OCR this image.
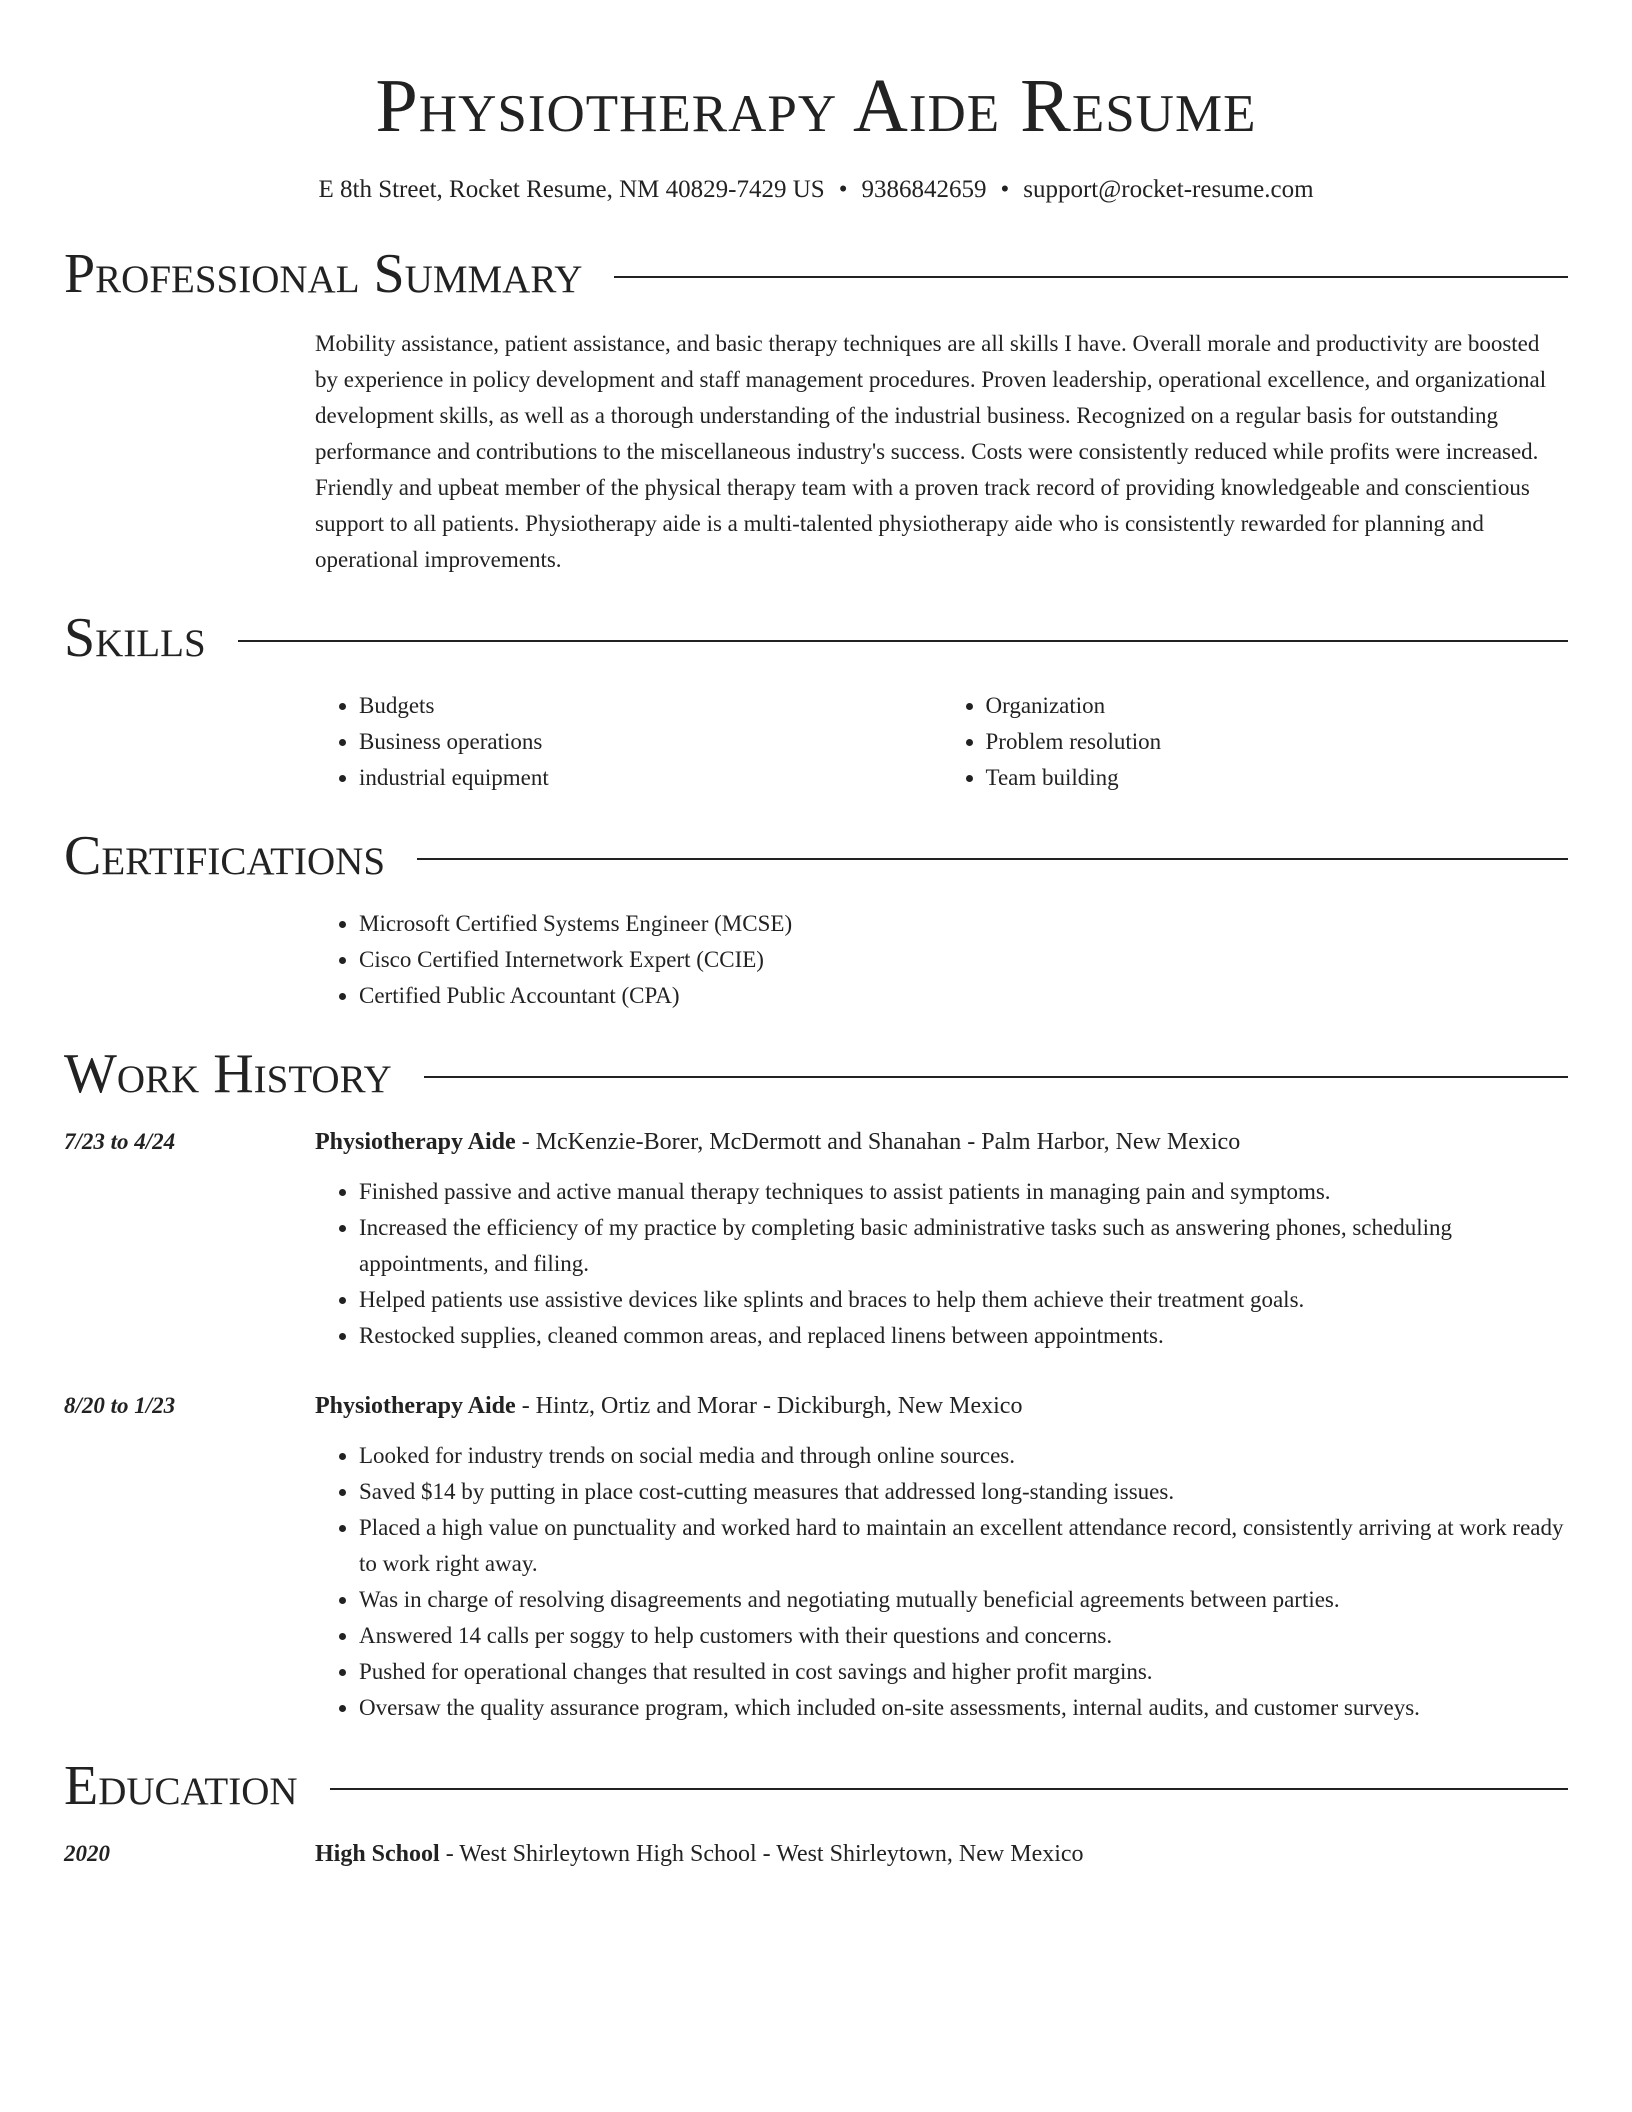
Physiotherapy Aide Resume
E 8th Street, Rocket Resume, NM 40829-7429 US • 9386842659 • support@rocket-resume.com
Professional Summary
Mobility assistance, patient assistance, and basic therapy techniques are all skills I have. Overall morale and productivity are boosted by experience in policy development and staff management procedures. Proven leadership, operational excellence, and organizational development skills, as well as a thorough understanding of the industrial business. Recognized on a regular basis for outstanding performance and contributions to the miscellaneous industry's success. Costs were consistently reduced while profits were increased. Friendly and upbeat member of the physical therapy team with a proven track record of providing knowledgeable and conscientious support to all patients. Physiotherapy aide is a multi-talented physiotherapy aide who is consistently rewarded for planning and operational improvements.
Skills
• Budgets
• Business operations
• industrial equipment
• Organization
• Problem resolution
• Team building
Certifications
• Microsoft Certified Systems Engineer (MCSE)
• Cisco Certified Internetwork Expert (CCIE)
• Certified Public Accountant (CPA)
Work History
7/23 to 4/24	Physiotherapy Aide - McKenzie-Borer, McDermott and Shanahan - Palm Harbor, New Mexico
• Finished passive and active manual therapy techniques to assist patients in managing pain and symptoms.
• Increased the efficiency of my practice by completing basic administrative tasks such as answering phones, scheduling appointments, and filing.
• Helped patients use assistive devices like splints and braces to help them achieve their treatment goals.
• Restocked supplies, cleaned common areas, and replaced linens between appointments.
8/20 to 1/23	Physiotherapy Aide - Hintz, Ortiz and Morar - Dickiburgh, New Mexico
• Looked for industry trends on social media and through online sources.
• Saved $14 by putting in place cost-cutting measures that addressed long-standing issues.
• Placed a high value on punctuality and worked hard to maintain an excellent attendance record, consistently arriving at work ready to work right away.
• Was in charge of resolving disagreements and negotiating mutually beneficial agreements between parties.
• Answered 14 calls per soggy to help customers with their questions and concerns.
• Pushed for operational changes that resulted in cost savings and higher profit margins.
• Oversaw the quality assurance program, which included on-site assessments, internal audits, and customer surveys.
Education
2020	High School - West Shirleytown High School - West Shirleytown, New Mexico
